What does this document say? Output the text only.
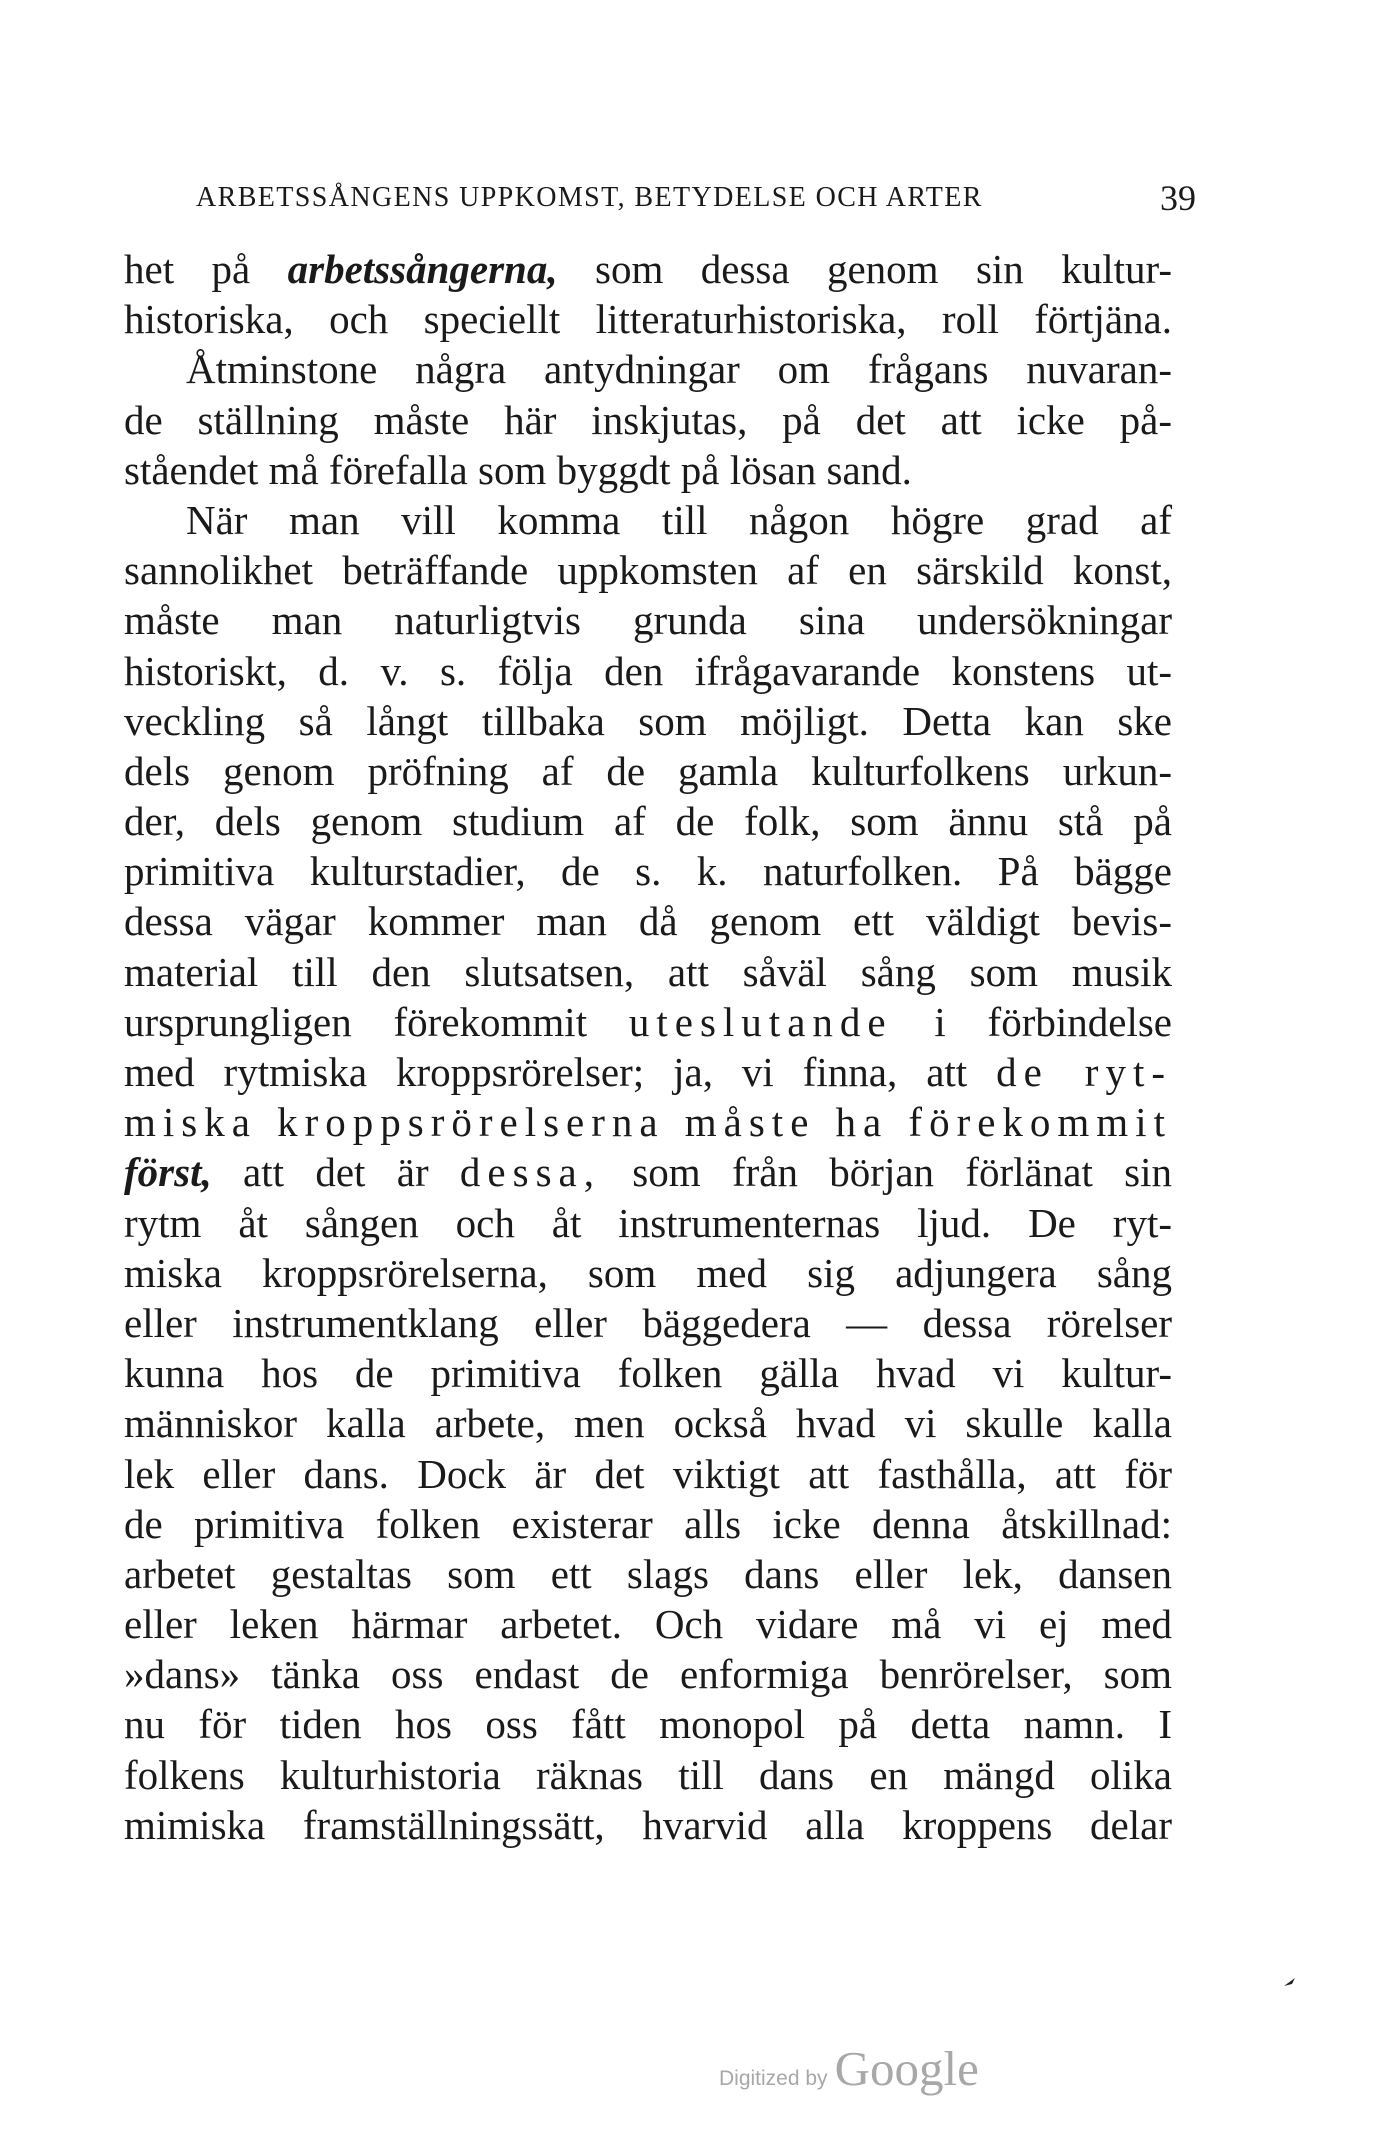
ARBETSSÅNGENS UPPKOMST, BETYDELSE OCH ARTER	39
het på arbetssångerna, som dessa genom sin kultur-
historiska, och speciellt litteraturhistoriska, roll förtjäna.
Åtminstone några antydningar om frågans nuvaran-
de ställning måste här inskjutas, på det att icke på-
ståendet må förefalla som byggdt på lösan sand.
När man vill komma till någon högre grad af
sannolikhet beträffande uppkomsten af en särskild konst,
måste man naturligtvis grunda sina undersökningar
historiskt, d. v. s. följa den ifrågavarande konstens ut-
veckling så långt tillbaka som möjligt. Detta kan ske
dels genom pröfning af de gamla kulturfolkens urkun-
der, dels genom studium af de folk, som ännu stå på
primitiva kulturstadier, de s. k. naturfolken. På bägge
dessa vägar kommer man då genom ett väldigt bevis-
material till den slutsatsen, att såväl sång som musik
ursprungligen förekommit uteslutande i förbindelse
med rytmiska kroppsrörelser; ja, vi finna, att de ryt-
miska kroppsrörelserna måste ha förekommit
först, att det är dessa, som från början förlänat sin
rytm åt sången och åt instrumenternas ljud. De ryt-
miska kroppsrörelserna, som med sig adjungera sång
eller instrumentklang eller bäggedera — dessa rörelser
kunna hos de primitiva folken gälla hvad vi kultur-
människor kalla arbete, men också hvad vi skulle kalla
lek eller dans. Dock är det viktigt att fasthålla, att för
de primitiva folken existerar alls icke denna åtskillnad:
arbetet gestaltas som ett slags dans eller lek, dansen
eller leken härmar arbetet. Och vidare må vi ej med
»dans» tänka oss endast de enformiga benrörelser, som
nu för tiden hos oss fått monopol på detta namn. I
folkens kulturhistoria räknas till dans en mängd olika
mimiska framställningssätt, hvarvid alla kroppens delar
Digitized by Google
